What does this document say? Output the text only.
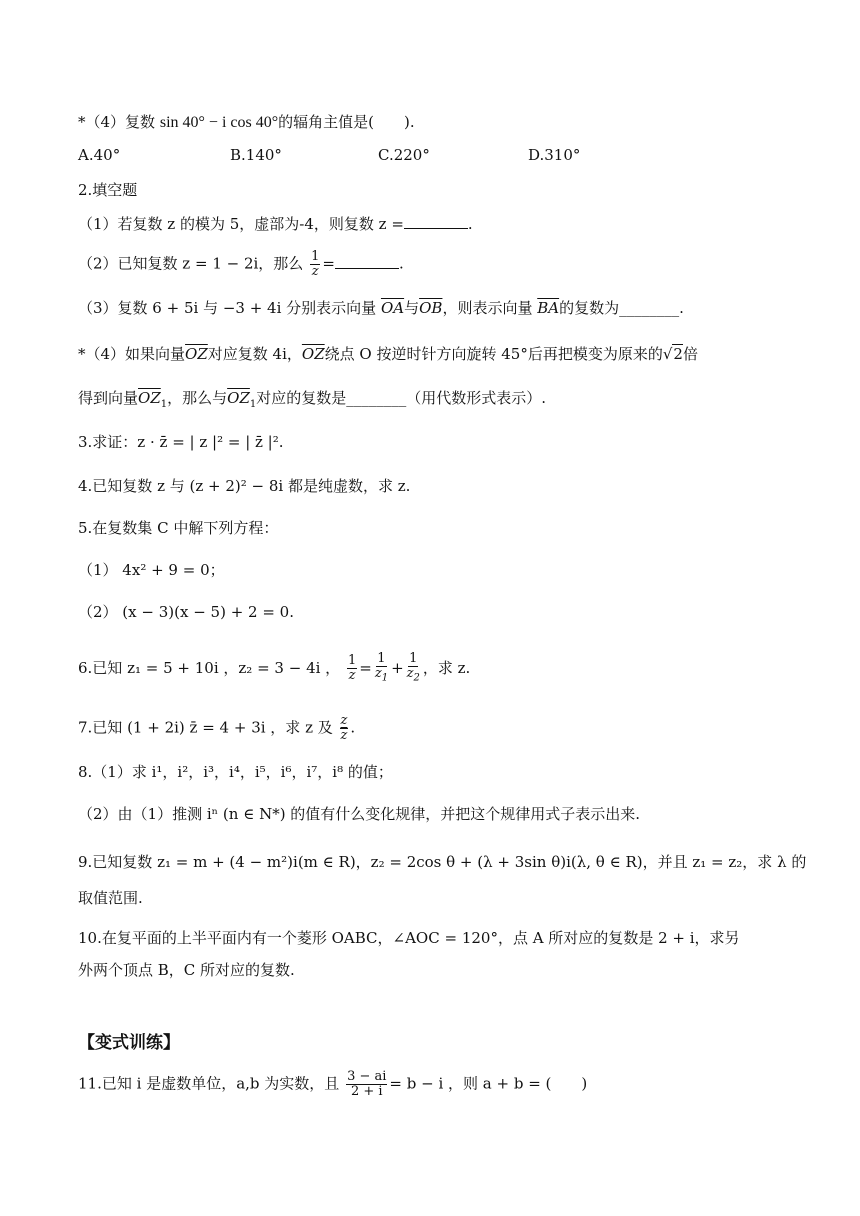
*（4）复数 sin 40° − i cos 40°的辐角主值是(　　).
A.40°	B.140°	C.220°	D.310°
2.填空题
（1）若复数 z 的模为 5，虚部为-4，则复数 z =	.
（2）已知复数 z = 1 − 2i，那么 $\frac{1}{z}$ =	.
（3）复数 6 + 5i 与 −3 + 4i 分别表示向量 $\overline{OA}$与$\overline{OB}$，则表示向量 $\overline{BA}$的复数为________.
*（4）如果向量$\overline{OZ}$对应复数 4i，$\overline{OZ}$绕点 O 按逆时针方向旋转 45°后再把模变为原来的√2倍
得到向量$\overline{OZ}_1$，那么与$\overline{OZ}_1$对应的复数是________（用代数形式表示）.
3.求证：z · z̄ = | z |² = | z̄ |².
4.已知复数 z 与 (z + 2)² − 8i 都是纯虚数，求 z.
5.在复数集 C 中解下列方程：
（1） 4x² + 9 = 0；
（2） (x − 3)(x − 5) + 2 = 0.
6.已知 z₁ = 5 + 10i ，z₂ = 3 − 4i ， $\frac{1}{z} = \frac{1}{z_1} + \frac{1}{z_2}$ ，求 z.
7.已知 (1 + 2i) z̄ = 4 + 3i ，求 z 及 $\frac{z}{z}$ .
8.（1）求 i¹，i²，i³，i⁴，i⁵，i⁶，i⁷，i⁸ 的值；
（2）由（1）推测 iⁿ (n ∈ N*) 的值有什么变化规律，并把这个规律用式子表示出来.
9.已知复数 z₁ = m + (4 − m²)i(m ∈ R)，z₂ = 2cos θ + (λ + 3sin θ)i(λ, θ ∈ R)，并且 z₁ = z₂，求 λ 的
取值范围.
10.在复平面的上半平面内有一个菱形 OABC，∠AOC = 120°，点 A 所对应的复数是 2 + i，求另
外两个顶点 B，C 所对应的复数.
【变式训练】
11.已知 i 是虚数单位，a,b 为实数，且 $\frac{3 - ai}{2 + i} = b - i$ ，则 a + b = (　　)
